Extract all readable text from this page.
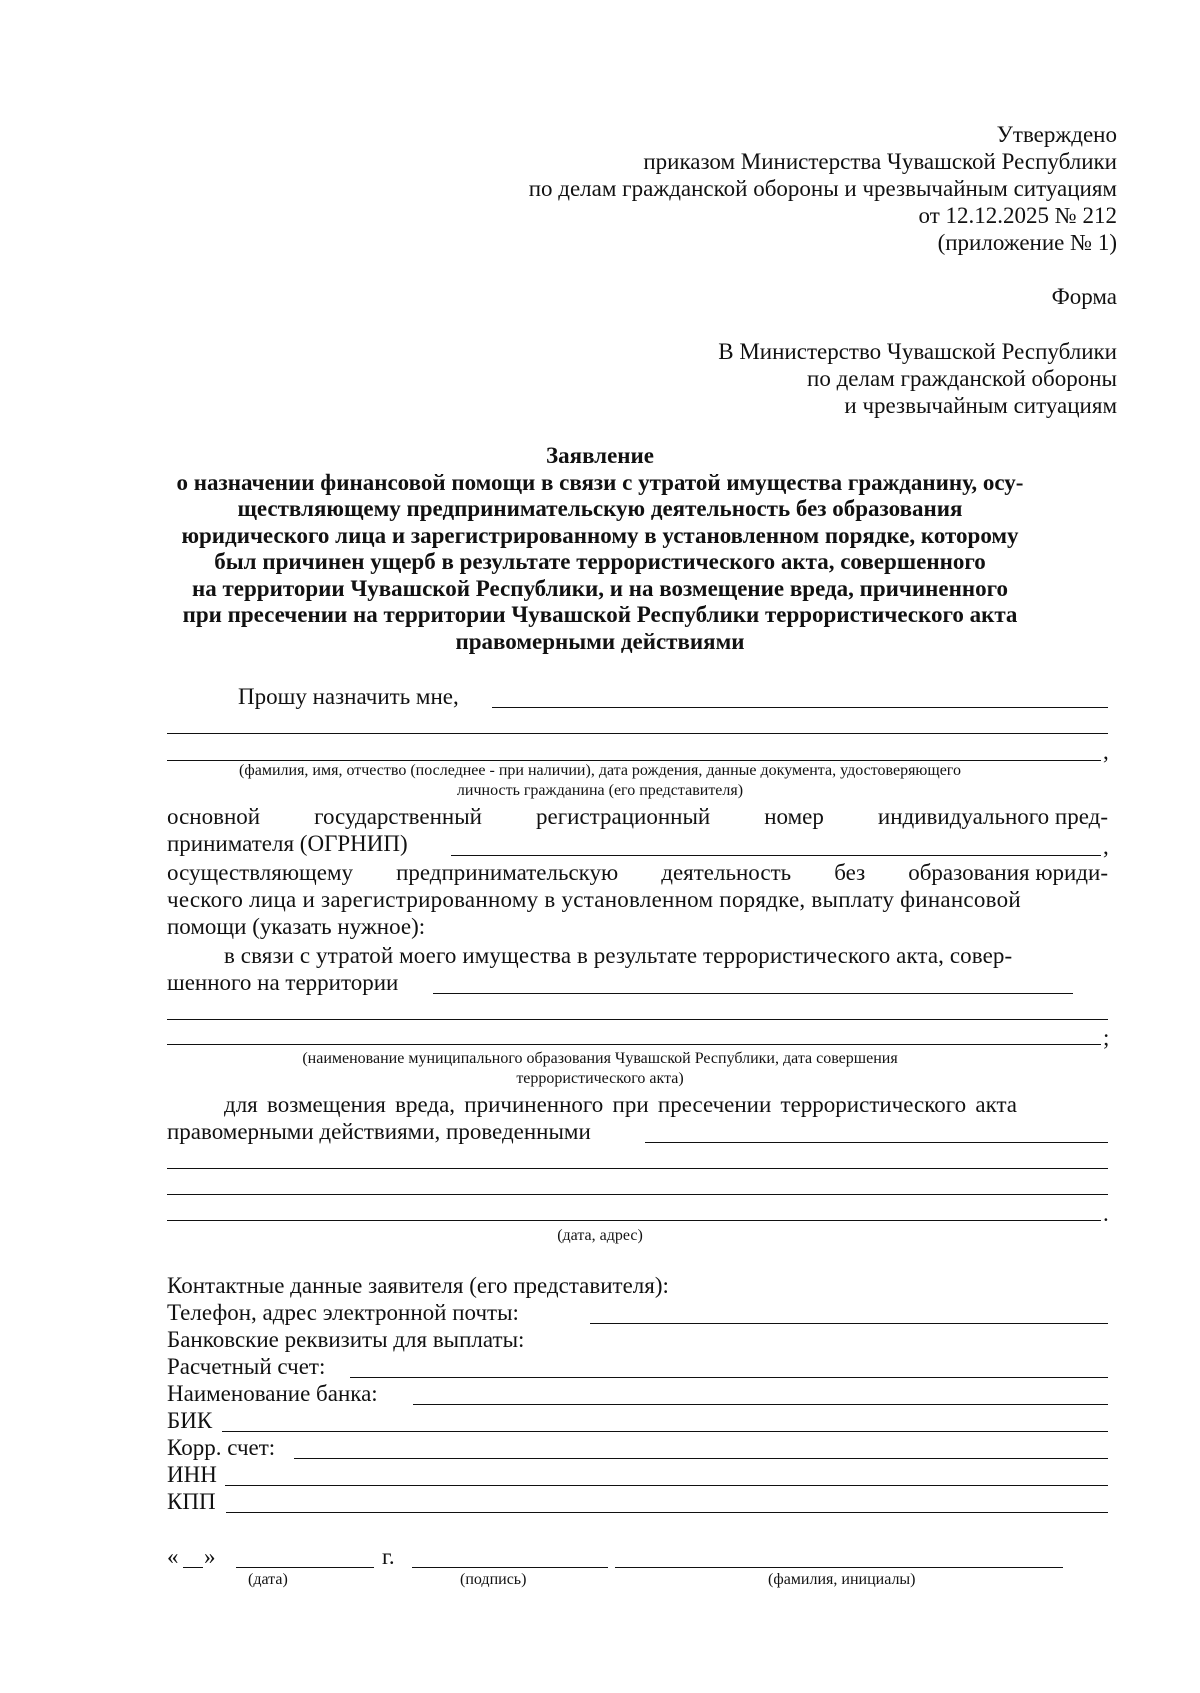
Утверждено
приказом Министерства Чувашской Республики
по делам гражданской обороны и чрезвычайным ситуациям
от 12.12.2025 № 212
(приложение № 1)
Форма
В Министерство Чувашской Республики
по делам гражданской обороны
и чрезвычайным ситуациям
Заявление
о назначении финансовой помощи в связи с утратой имущества гражданину, осу-
ществляющему предпринимательскую деятельность без образования
юридического лица и зарегистрированному в установленном порядке, которому
был причинен ущерб в результате террористического акта, совершенного
на территории Чувашской Республики, и на возмещение вреда, причиненного
при пресечении на территории Чувашской Республики террористического акта
правомерными действиями
Прошу назначить мне,
,
(фамилия, имя, отчество (последнее - при наличии), дата рождения, данные документа, удостоверяющего
личность гражданина (его представителя)
основной государственный регистрационный номер индивидуального пред-
принимателя (ОГРНИП)	,
осуществляющему предпринимательскую деятельность без образования юриди-
ческого лица и зарегистрированному в установленном порядке, выплату финансовой
помощи (указать нужное):
в связи с утратой моего имущества в результате террористического акта, совер-
шенного на территории
;
(наименование муниципального образования Чувашской Республики, дата совершения
террористического акта)
для возмещения вреда, причиненного при пресечении террористического акта
правомерными действиями, проведенными
.
(дата, адрес)
Контактные данные заявителя (его представителя):
Телефон, адрес электронной почты:
Банковские реквизиты для выплаты:
Расчетный счет:
Наименование банка:
БИК
Корр. счет:
ИНН
КПП
« »	г.
(дата)	(подпись)	(фамилия, инициалы)
